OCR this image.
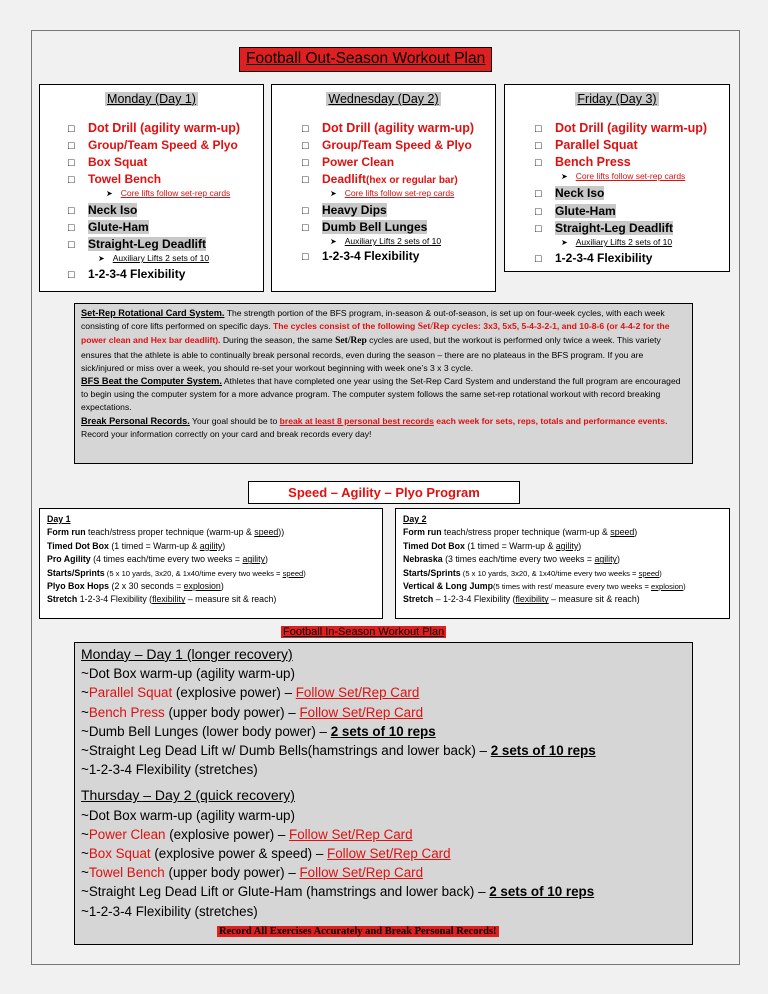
Football Out-Season Workout Plan
Monday (Day 1)
□ Dot Drill (agility warm-up)
□ Group/Team Speed & Plyo
□ Box Squat
□ Towel Bench
➤ Core lifts follow set-rep cards
□ Neck Iso
□ Glute-Ham
□ Straight-Leg Deadlift
➤ Auxiliary Lifts 2 sets of 10
□ 1-2-3-4 Flexibility
Wednesday (Day 2)
□ Dot Drill (agility warm-up)
□ Group/Team Speed & Plyo
□ Power Clean
□ Deadlift(hex or regular bar)
➤ Core lifts follow set-rep cards
□ Heavy Dips
□ Dumb Bell Lunges
➤ Auxiliary Lifts 2 sets of 10
□ 1-2-3-4 Flexibility
Friday (Day 3)
□ Dot Drill (agility warm-up)
□ Parallel Squat
□ Bench Press
➤ Core lifts follow set-rep cards
□ Neck Iso
□ Glute-Ham
□ Straight-Leg Deadlift
➤ Auxiliary Lifts 2 sets of 10
□ 1-2-3-4 Flexibility
Set-Rep Rotational Card System. The strength portion of the BFS program, in-season & out-of-season, is set up on four-week cycles, with each week consisting of core lifts performed on specific days. The cycles consist of the following Set/Rep cycles: 3x3, 5x5, 5-4-3-2-1, and 10-8-6 (or 4-4-2 for the power clean and Hex bar deadlift). During the season, the same Set/Rep cycles are used, but the workout is performed only twice a week. This variety ensures that the athlete is able to continually break personal records, even during the season – there are no plateaus in the BFS program. If you are sick/injured or miss over a week, you should re-set your workout beginning with week one’s 3 x 3 cycle.
BFS Beat the Computer System. Athletes that have completed one year using the Set-Rep Card System and understand the full program are encouraged to begin using the computer system for a more advance program. The computer system follows the same set-rep rotational workout with record breaking expectations.
Break Personal Records. Your goal should be to break at least 8 personal best records each week for sets, reps, totals and performance events. Record your information correctly on your card and break records every day!
Speed – Agility – Plyo Program
Day 1
Form run teach/stress proper technique (warm-up & speed))
Timed Dot Box (1 timed = Warm-up & agility)
Pro Agility (4 times each/time every two weeks = agility)
Starts/Sprints (5 x 10 yards, 3x20, & 1x40/time every two weeks = speed)
Plyo Box Hops (2 x 30 seconds = explosion)
Stretch 1-2-3-4 Flexibility (flexibility – measure sit & reach)
Day 2
Form run teach/stress proper technique (warm-up & speed)
Timed Dot Box (1 timed = Warm-up & agility)
Nebraska (3 times each/time every two weeks = agility)
Starts/Sprints (5 x 10 yards, 3x20, & 1x40/time every two weeks = speed)
Vertical & Long Jump(5 times with rest/ measure every two weeks = explosion)
Stretch – 1-2-3-4 Flexibility (flexibility – measure sit & reach)
Football In-Season Workout Plan
Monday – Day 1 (longer recovery)
~Dot Box warm-up (agility warm-up)
~Parallel Squat (explosive power) – Follow Set/Rep Card
~Bench Press (upper body power) – Follow Set/Rep Card
~Dumb Bell Lunges (lower body power) – 2 sets of 10 reps
~Straight Leg Dead Lift w/ Dumb Bells(hamstrings and lower back) – 2 sets of 10 reps
~1-2-3-4 Flexibility (stretches)
Thursday – Day 2 (quick recovery)
~Dot Box warm-up (agility warm-up)
~Power Clean (explosive power) – Follow Set/Rep Card
~Box Squat (explosive power & speed) – Follow Set/Rep Card
~Towel Bench (upper body power) – Follow Set/Rep Card
~Straight Leg Dead Lift or Glute-Ham (hamstrings and lower back) – 2 sets of 10 reps
~1-2-3-4 Flexibility (stretches)
Record All Exercises Accurately and Break Personal Records!
